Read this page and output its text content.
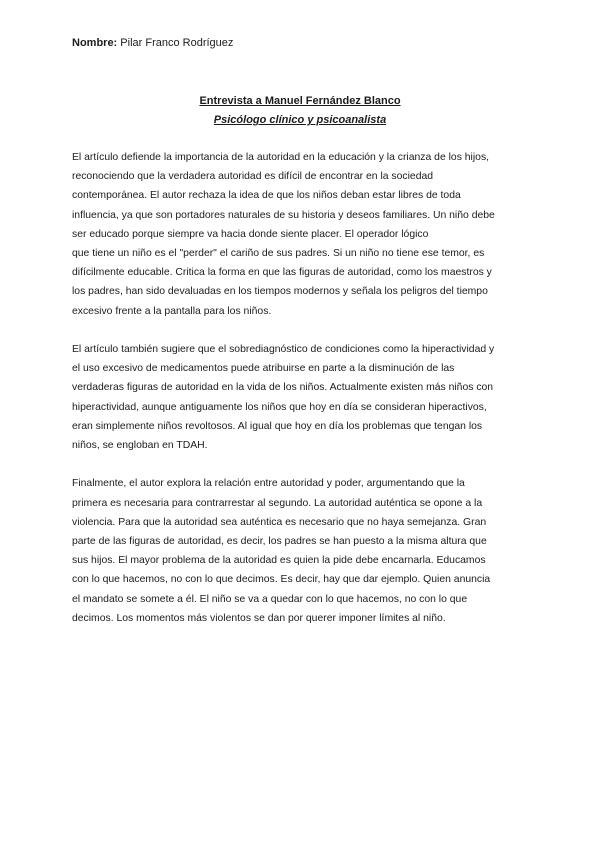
Nombre: Pilar Franco Rodríguez
Entrevista a Manuel Fernández Blanco
Psicólogo clínico y psicoanalista

El artículo defiende la importancia de la autoridad en la educación y la crianza de los hijos,
reconociendo que la verdadera autoridad es difícil de encontrar en la sociedad
contemporánea. El autor rechaza la idea de que los niños deban estar libres de toda
influencia, ya que son portadores naturales de su historia y deseos familiares. Un niño debe
ser educado porque siempre va hacia donde siente placer. El operador lógico
que tiene un niño es el "perder" el cariño de sus padres. Si un niño no tiene ese temor, es
difícilmente educable. Critica la forma en que las figuras de autoridad, como los maestros y
los padres, han sido devaluadas en los tiempos modernos y señala los peligros del tiempo
excesivo frente a la pantalla para los niños.

El artículo también sugiere que el sobrediagnóstico de condiciones como la hiperactividad y
el uso excesivo de medicamentos puede atribuirse en parte a la disminución de las
verdaderas figuras de autoridad en la vida de los niños. Actualmente existen más niños con
hiperactividad, aunque antiguamente los niños que hoy en día se consideran hiperactivos,
eran simplemente niños revoltosos. Al igual que hoy en día los problemas que tengan los
niños, se engloban en TDAH.

Finalmente, el autor explora la relación entre autoridad y poder, argumentando que la
primera es necesaria para contrarrestar al segundo. La autoridad auténtica se opone a la
violencia. Para que la autoridad sea auténtica es necesario que no haya semejanza. Gran
parte de las figuras de autoridad, es decir, los padres se han puesto a la misma altura que
sus hijos. El mayor problema de la autoridad es quien la pide debe encarnarla. Educamos
con lo que hacemos, no con lo que decimos. Es decir, hay que dar ejemplo. Quien anuncia
el mandato se somete a él. El niño se va a quedar con lo que hacemos, no con lo que
decimos. Los momentos más violentos se dan por querer imponer límites al niño.
